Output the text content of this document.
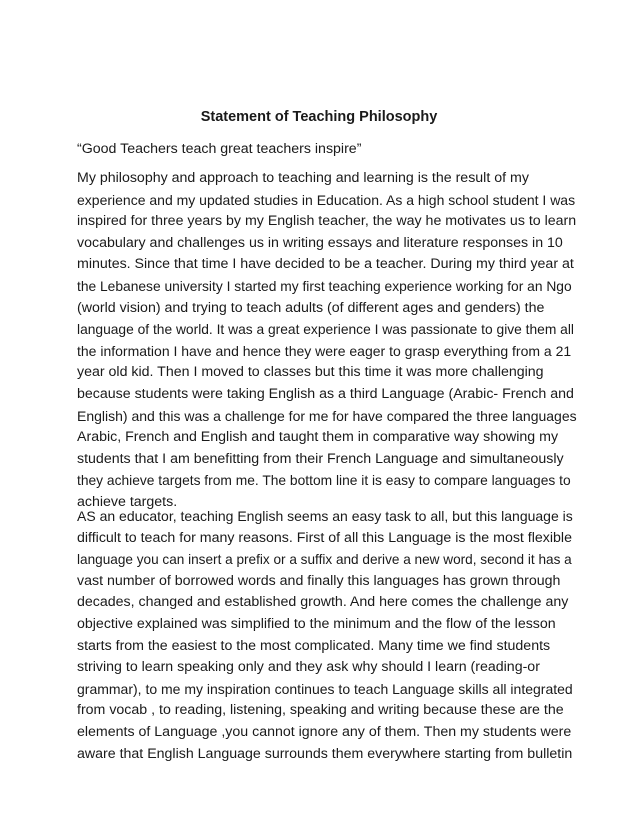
Statement of Teaching Philosophy
“Good Teachers teach great teachers inspire”
My philosophy and approach to teaching and learning is the result of my
experience and my updated studies in Education. As a high school student I was
inspired for three years by my English teacher, the way he motivates us to learn
vocabulary and challenges us in writing essays and literature responses in 10
minutes. Since that time I have decided to be a teacher. During my third year at
the Lebanese university I started my first teaching experience working for an Ngo
(world vision) and trying to teach adults (of different ages and genders) the
language of the world. It was a great experience I was passionate to give them all
the information I have and hence they were eager to grasp everything from a 21
year old kid. Then I moved to classes but this time it was more challenging
because students were taking English as a third Language (Arabic- French and
English) and this was a challenge for me for have compared the three languages
Arabic, French and English and taught them in comparative way showing my
students that I am benefitting from their French Language and simultaneously
they achieve targets from me. The bottom line it is easy to compare languages to
achieve targets.
AS an educator, teaching English seems an easy task to all, but this language is
difficult to teach for many reasons. First of all this Language is the most flexible
language you can insert a prefix or a suffix and derive a new word, second it has a
vast number of borrowed words and finally this languages has grown through
decades, changed and established growth. And here comes the challenge any
objective explained was simplified to the minimum and the flow of the lesson
starts from the easiest to the most complicated. Many time we find students
striving to learn speaking only and they ask why should I learn (reading-or
grammar), to me my inspiration continues to teach Language skills all integrated
from vocab , to reading, listening, speaking and writing because these are the
elements of Language ,you cannot ignore any of them. Then my students were
aware that English Language surrounds them everywhere starting from bulletin
